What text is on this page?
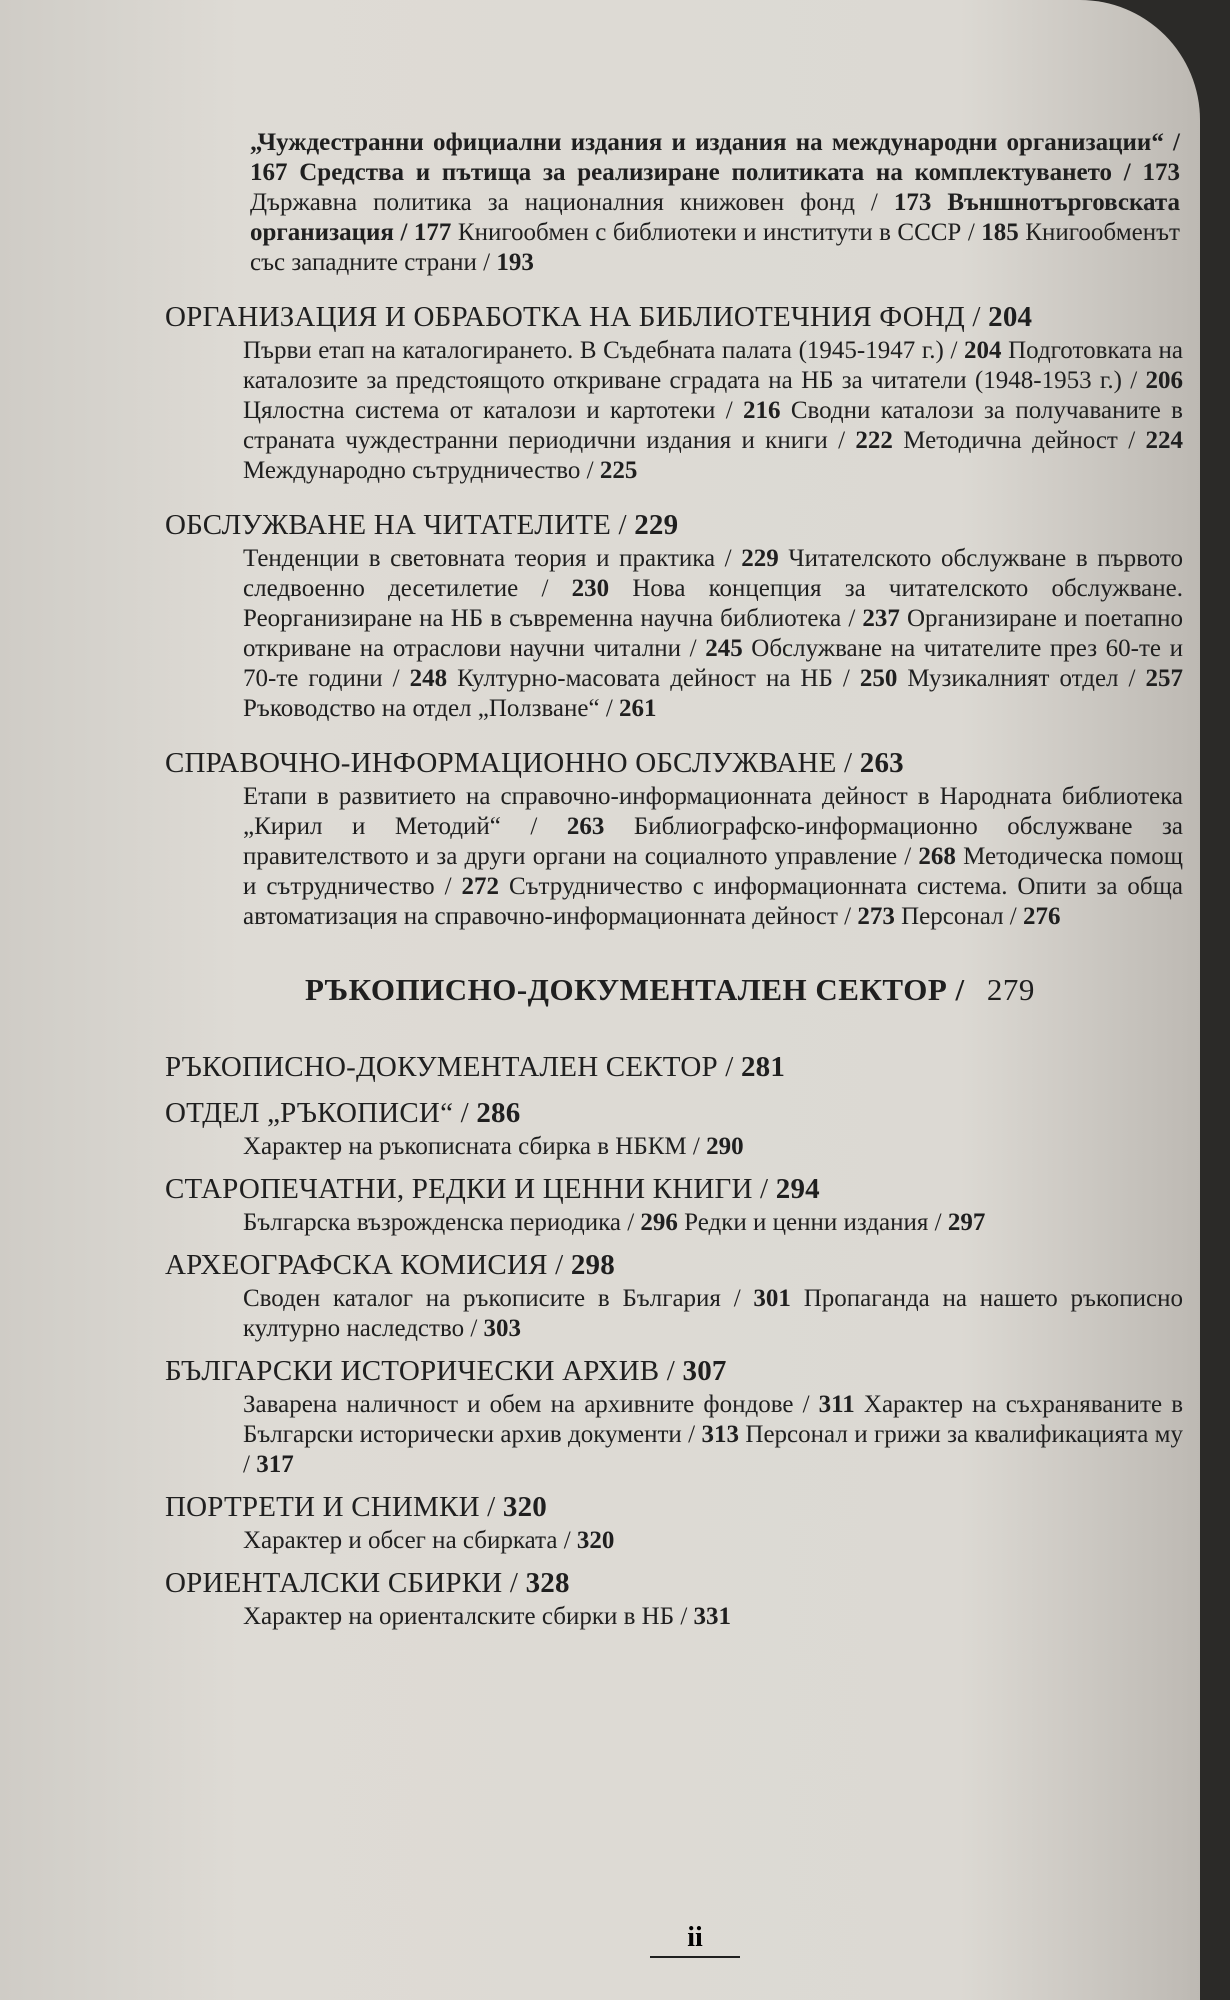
„Чуждестранни официални издания и издания на международни организации“ / 167 Средства и пътища за реализиране политиката на комплектуването / 173 Държавна политика за националния книжовен фонд / 173 Външнотърговската организация / 177 Книгообмен с библиотеки и институти в СССР / 185 Книгообменът със западните страни / 193
ОРГАНИЗАЦИЯ И ОБРАБОТКА НА БИБЛИОТЕЧНИЯ ФОНД / 204
Първи етап на каталогирането. В Съдебната палата (1945-1947 г.) / 204 Подготовката на каталозите за предстоящото откриване сградата на НБ за читатели (1948-1953 г.) / 206 Цялостна система от каталози и картотеки / 216 Сводни каталози за получаваните в страната чуждестранни периодични издания и книги / 222 Методична дейност / 224 Международно сътрудничество / 225
ОБСЛУЖВАНЕ НА ЧИТАТЕЛИТЕ / 229
Тенденции в световната теория и практика / 229 Читателското обслужване в първото следвоенно десетилетие / 230 Нова концепция за читателското обслужване. Реорганизиране на НБ в съвременна научна библиотека / 237 Организиране и поетапно откриване на отраслови научни читални / 245 Обслужване на читателите през 60-те и 70-те години / 248 Културно-масовата дейност на НБ / 250 Музикалният отдел / 257 Ръководство на отдел „Ползване“ / 261
СПРАВОЧНО-ИНФОРМАЦИОННО ОБСЛУЖВАНЕ / 263
Етапи в развитието на справочно-информационната дейност в Народната библиотека „Кирил и Методий“ / 263 Библиографско-информационно обслужване за правителството и за други органи на социалното управление / 268 Методическа помощ и сътрудничество / 272 Сътрудничество с информационната система. Опити за обща автоматизация на справочно-информационната дейност / 273 Персонал / 276
РЪКОПИСНО-ДОКУМЕНТАЛЕН СЕКТОР / 279
РЪКОПИСНО-ДОКУМЕНТАЛЕН СЕКТОР / 281
ОТДЕЛ „РЪКОПИСИ“ / 286
Характер на ръкописната сбирка в НБКМ / 290
СТАРОПЕЧАТНИ, РЕДКИ И ЦЕННИ КНИГИ / 294
Българска възрожденска периодика / 296 Редки и ценни издания / 297
АРХЕОГРАФСКА КОМИСИЯ / 298
Сводeн каталог на ръкописите в България / 301 Пропаганда на нашето ръкописно културно наследство / 303
БЪЛГАРСКИ ИСТОРИЧЕСКИ АРХИВ / 307
Заварена наличност и обем на архивните фондове / 311 Характер на съхраняваните в Български исторически архив документи / 313 Персонал и грижи за квалификацията му / 317
ПОРТРЕТИ И СНИМКИ / 320
Характер и обсег на сбирката / 320
ОРИЕНТАЛСКИ СБИРКИ / 328
Характер на ориенталските сбирки в НБ / 331
ii
